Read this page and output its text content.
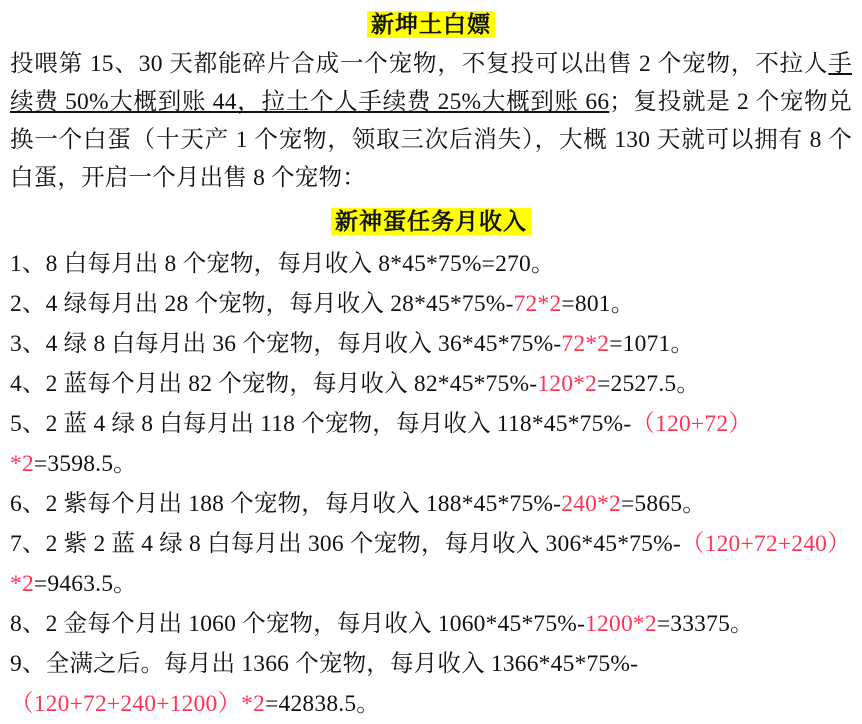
新坤土白嫖

投喂第 15、30 天都能碎片合成一个宠物，不复投可以出售 2 个宠物，不拉人手续费 50%大概到账 44，拉土个人手续费 25%大概到账 66；复投就是 2 个宠物兑换一个白蛋（十天产 1 个宠物，领取三次后消失），大概 130 天就可以拥有 8 个白蛋，开启一个月出售 8 个宠物：

新神蛋任务月收入
1、8 白每月出 8 个宠物，每月收入 8*45*75%=270。
2、4 绿每月出 28 个宠物，每月收入 28*45*75%-72*2=801。
3、4 绿 8 白每月出 36 个宠物，每月收入 36*45*75%-72*2=1071。
4、2 蓝每个月出 82 个宠物，每月收入 82*45*75%-120*2=2527.5。
5、2 蓝 4 绿 8 白每月出 118 个宠物，每月收入 118*45*75%-（120+72）*2=3598.5。
6、2 紫每个月出 188 个宠物，每月收入 188*45*75%-240*2=5865。
7、2 紫 2 蓝 4 绿 8 白每月出 306 个宠物，每月收入 306*45*75%-（120+72+240）*2=9463.5。
8、2 金每个月出 1060 个宠物，每月收入 1060*45*75%-1200*2=33375。
9、全满之后。每月出 1366 个宠物，每月收入 1366*45*75%-（120+72+240+1200）*2=42838.5。
